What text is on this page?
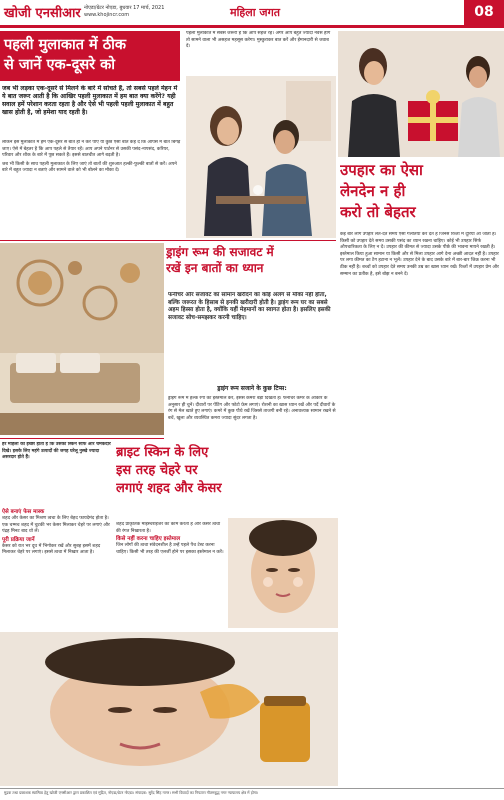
खोजी एनसीआर नोएडा/ग्रेटर नोएडा, बुधवार 17 मार्च, 2021
www.khojincr.com	महिला जगत	08
पहली मुलाकात में ठीक
से जानें एक-दूसरे को
जब भी लड़का एक-दूसरे से मिलने के बारे में सोचते हैं, तो सबसे पहले मेहन में ये बात जरूर आती है कि आखिर पहली मुलाकात में हम बात क्या करेंगे? यही सवाल हमें परेशान करता रहता है और ऐसे भी पहली पहली मुलाकात में बहुत खास होती है, जो हमेशा याद रहती है।

लेकिन इस मुलाकात में हम एक-दूसरे से बात ही न कर पाएं या कुछ ऐसी बात कह दें कि आपस में बात बिगड़ जाए। ऐसे में बेहतर है कि आप पहले से तैयार रहें। आप अपने पार्टनर से उसकी पसंद-नापसंद, करियर, परिवार और शौक के बारे में पूछ सकते हैं। इससे बातचीत आगे बढ़ती है।

जब भी किसी के साथ पहली मुलाकात के लिए जाएं तो बातों की शुरुआत हल्की-फुल्की बातों से करें। अपने बारे में बहुत ज्यादा न बताएं और सामने वाले को भी बोलने का मौका दें।

पहली मुलाकात में सबसे जरूरी है कि आप सहज रहें। अगर आप बहुत ज्यादा नर्वस होंगे तो सामने वाला भी असहज महसूस करेगा। मुस्कुराकर बात करें और ईमानदारी से जवाब दें।
उपहार का ऐसा
लेनदेन न ही
करो तो बेहतर
कई बार लोग उपहार लेते-देते समय ऐसी गलतियां कर देते हैं जिनसे रिश्तों में दूरियां आ जाती हैं। किसी को उपहार देते समय उसकी पसंद का ध्यान रखना चाहिए। कोई भी उपहार सिर्फ औपचारिकता के लिए न दें। उपहार की कीमत से ज्यादा उसके पीछे की भावना मायने रखती है। इस्तेमाल किया हुआ सामान या किसी और से मिला उपहार आगे देना अच्छी आदत नहीं है। उपहार पर लगा कीमत का टैग हटाना न भूलें। उपहार देने के बाद उसके बारे में बार-बार जिक्र करना भी ठीक नहीं है। बच्चों को उपहार देते समय उनकी उम्र का खास ध्यान रखें। रिश्तों में उपहार प्रेम और सम्मान का प्रतीक है, इसे बोझ न बनने दें।
ड्राइंग रूम की सजावट में
रखें इन बातों का ध्यान
फर्नीचर और सजावट का सामान खरीदने का कोई अलग से मौका नहीं होता, बल्कि जरूरत के हिसाब से इनकी खरीदारी होती है। ड्राइंग रूम घर का सबसे अहम हिस्सा होता है, क्योंकि यहीं मेहमानों का स्वागत होता है। इसलिए इसकी सजावट सोच-समझकर करनी चाहिए।
ड्राइंग रूम सजाने के कुछ टिप्स:
ड्राइंग रूम में हल्के रंगों का इस्तेमाल करें, इससे कमरा बड़ा दिखता है। फर्नीचर कमरे के आकार के अनुसार ही चुनें। दीवारों पर पेंटिंग और फोटो फ्रेम लगाएं। रोशनी का खास ध्यान रखें और पर्दे दीवारों के रंग से मेल खाते हुए लगाएं। कमरे में कुछ पौधे रखें जिससे ताजगी बनी रहे। अनावश्यक सामान रखने से बचें, खुला और व्यवस्थित कमरा ज्यादा सुंदर लगता है।
हर महिला की इच्छा होती है कि उसकी स्किन साफ और चमकदार दिखे। इसके लिए महंगे उत्पादों की जगह घरेलू नुस्खे ज्यादा असरदार होते हैं।	ब्राइट स्किन के लिए
इस तरह चेहरे पर
लगाएं शहद और केसर
ऐसे बनाएं फेस मास्क

शहद और केसर का मिश्रण त्वचा के लिए बेहद फायदेमंद होता है। एक चम्मच शहद में चुटकी भर केसर मिलाकर चेहरे पर लगाएं और पंद्रह मिनट बाद धो लें।

पूरी प्रक्रिया जानें

केसर को रात भर दूध में भिगोकर रखें और सुबह इसमें शहद मिलाकर चेहरे पर लगाएं। इससे त्वचा में निखार आता है।

शहद प्राकृतिक मॉइस्चराइजर का काम करता है और केसर त्वचा की रंगत निखारता है।

किसे नहीं करना चाहिए इस्तेमाल

जिन लोगों की त्वचा संवेदनशील है उन्हें पहले पैच टेस्ट करना चाहिए। किसी भी तरह की एलर्जी होने पर इसका इस्तेमाल न करें।

मुद्रक तथा प्रकाशक स्वामित्व हेतु खोजी एनसीआर द्वारा प्रकाशित एवं मुद्रित, नोएडा/ग्रेटर नोएडा। संपादक: सुरेंद्र सिंह नागर। सभी विवादों का निपटारा गौतमबुद्ध नगर न्यायालय क्षेत्र में होगा।
